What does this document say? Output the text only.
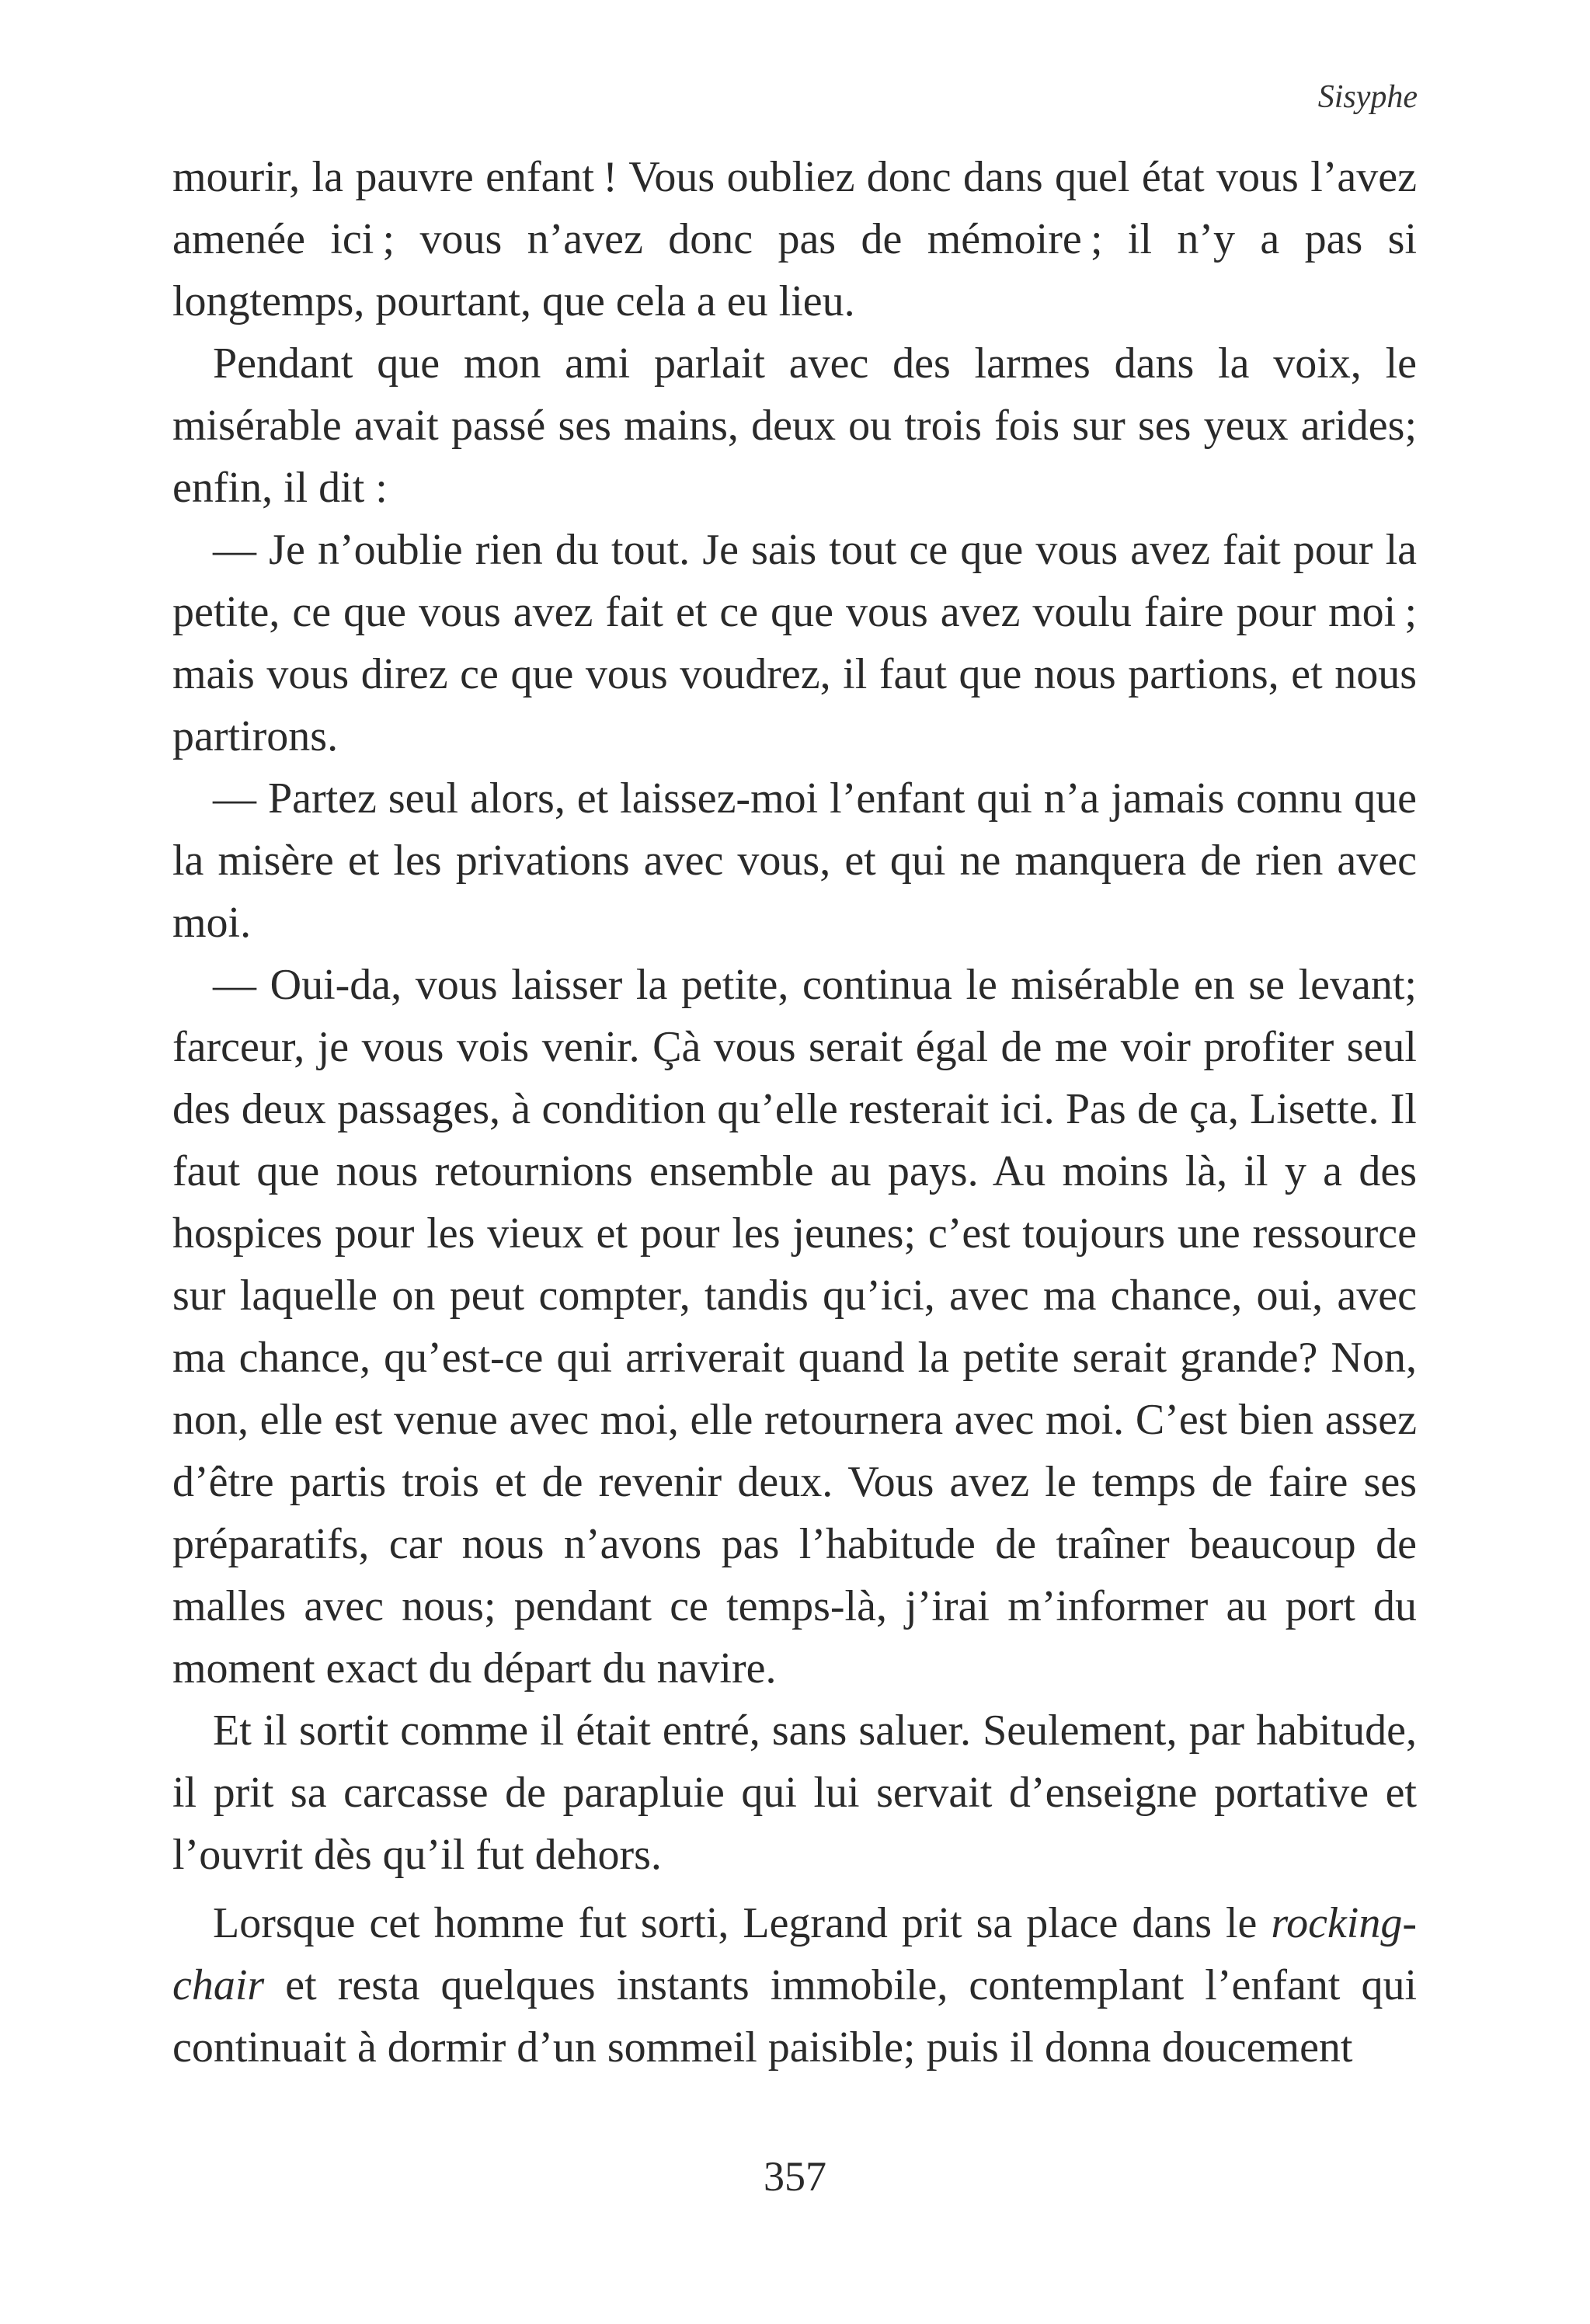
Sisyphe

mourir, la pauvre enfant ! Vous oubliez donc dans quel état vous l’avez amenée ici ; vous n’avez donc pas de mémoire ; il n’y a pas si longtemps, pourtant, que cela a eu lieu.

Pendant que mon ami parlait avec des larmes dans la voix, le misérable avait passé ses mains, deux ou trois fois sur ses yeux arides; enfin, il dit :

— Je n’oublie rien du tout. Je sais tout ce que vous avez fait pour la petite, ce que vous avez fait et ce que vous avez voulu faire pour moi ; mais vous direz ce que vous voudrez, il faut que nous partions, et nous partirons.

— Partez seul alors, et laissez-moi l’enfant qui n’a jamais connu que la misère et les privations avec vous, et qui ne manquera de rien avec moi.

— Oui-da, vous laisser la petite, continua le misérable en se levant; farceur, je vous vois venir. Çà vous serait égal de me voir profiter seul des deux passages, à condition qu’elle resterait ici. Pas de ça, Lisette. Il faut que nous retournions ensemble au pays. Au moins là, il y a des hospices pour les vieux et pour les jeunes; c’est toujours une ressource sur laquelle on peut compter, tandis qu’ici, avec ma chance, oui, avec ma chance, qu’est-ce qui arriverait quand la petite serait grande? Non, non, elle est venue avec moi, elle retournera avec moi. C’est bien assez d’être partis trois et de revenir deux. Vous avez le temps de faire ses préparatifs, car nous n’avons pas l’habitude de traîner beaucoup de malles avec nous; pendant ce temps-là, j’irai m’informer au port du moment exact du départ du navire.

Et il sortit comme il était entré, sans saluer. Seulement, par habitude, il prit sa carcasse de parapluie qui lui servait d’enseigne portative et l’ouvrit dès qu’il fut dehors.

Lorsque cet homme fut sorti, Legrand prit sa place dans le rocking-chair et resta quelques instants immobile, contemplant l’enfant qui continuait à dormir d’un sommeil paisible; puis il donna doucement

357
